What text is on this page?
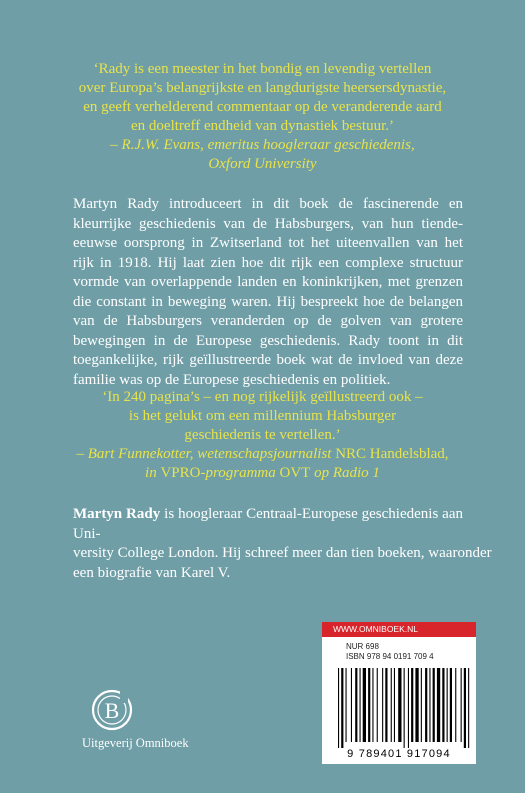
‘Rady is een meester in het bondig en levendig vertellen
over Europa’s belangrijkste en langdurigste heersersdynastie,
en geeft verhelderend commentaar op de veranderende aard
en doeltreff endheid van dynastiek bestuur.’
– R.J.W. Evans, emeritus hoogleraar geschiedenis,
Oxford University
Martyn Rady introduceert in dit boek de fascinerende en kleurrijke geschiedenis van de Habsburgers, van hun tiende-eeuwse oorsprong in Zwitserland tot het uiteenvallen van het rijk in 1918. Hij laat zien hoe dit rijk een complexe structuur vormde van overlappende landen en koninkrijken, met grenzen die constant in beweging waren. Hij bespreekt hoe de belangen van de Habsburgers veranderden op de golven van grotere bewegingen in de Europese geschiedenis. Rady toont in dit toegankelijke, rijk geïllustreerde boek wat de invloed van deze familie was op de Europese geschiedenis en politiek.
‘In 240 pagina’s – en nog rijkelijk geïllustreerd ook –
is het gelukt om een millennium Habsburger
geschiedenis te vertellen.’
– Bart Funnekotter, wetenschapsjournalist NRC Handelsblad,
in VPRO-programma OVT op Radio 1
Martyn Rady is hoogleraar Centraal-Europese geschiedenis aan Uni-
versity College London. Hij schreef meer dan tien boeken, waaronder
een biografie van Karel V.
WWW.OMNIBOEK.NL
NUR 698
ISBN 978 94 0191 709 4
9 789401 917094
B
Uitgeverij Omniboek
